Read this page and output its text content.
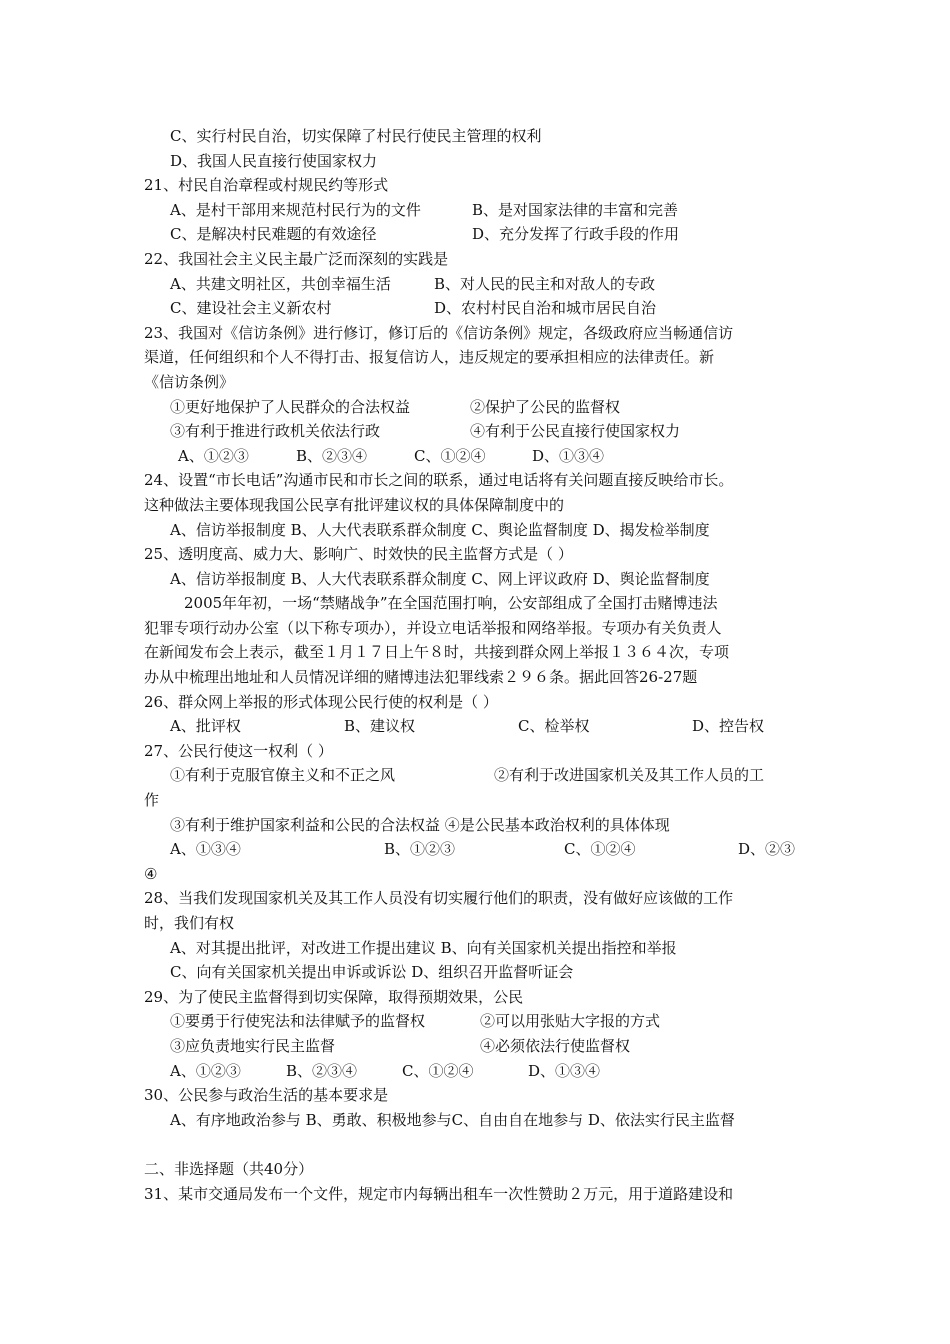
C、实行村民自治，切实保障了村民行使民主管理的权利
D、我国人民直接行使国家权力
21、村民自治章程或村规民约等形式
A、是村干部用来规范村民行为的文件	B、是对国家法律的丰富和完善
C、是解决村民难题的有效途径	D、充分发挥了行政手段的作用
22、我国社会主义民主最广泛而深刻的实践是
A、共建文明社区，共创幸福生活	B、对人民的民主和对敌人的专政
C、建设社会主义新农村	D、农村村民自治和城市居民自治
23、我国对《信访条例》进行修订，修订后的《信访条例》规定，各级政府应当畅通信访
渠道，任何组织和个人不得打击、报复信访人，违反规定的要承担相应的法律责任。新
《信访条例》
①更好地保护了人民群众的合法权益	②保护了公民的监督权
③有利于推进行政机关依法行政	④有利于公民直接行使国家权力
A、①②③	B、②③④	C、①②④	D、①③④
24、设置“市长电话”沟通市民和市长之间的联系，通过电话将有关问题直接反映给市长。
这种做法主要体现我国公民享有批评建议权的具体保障制度中的
A、信访举报制度 B、人大代表联系群众制度 C、舆论监督制度 D、揭发检举制度
25、透明度高、威力大、影响广、时效快的民主监督方式是（ ）
A、信访举报制度 B、人大代表联系群众制度 C、网上评议政府 D、舆论监督制度
2005年年初，一场“禁赌战争”在全国范围打响，公安部组成了全国打击赌博违法
犯罪专项行动办公室（以下称专项办），并设立电话举报和网络举报。专项办有关负责人
在新闻发布会上表示，截至１月１７日上午８时，共接到群众网上举报１３６４次，专项
办从中梳理出地址和人员情况详细的赌博违法犯罪线索２９６条。据此回答26-27题
26、群众网上举报的形式体现公民行使的权利是（ ）
A、批评权	B、建议权	C、检举权	D、控告权
27、公民行使这一权利（ ）
①有利于克服官僚主义和不正之风	②有利于改进国家机关及其工作人员的工
作
③有利于维护国家利益和公民的合法权益 ④是公民基本政治权利的具体体现
A、①③④	B、①②③	C、①②④	D、②③
④
28、当我们发现国家机关及其工作人员没有切实履行他们的职责，没有做好应该做的工作
时，我们有权
A、对其提出批评，对改进工作提出建议 B、向有关国家机关提出指控和举报
C、向有关国家机关提出申诉或诉讼 D、组织召开监督听证会
29、为了使民主监督得到切实保障，取得预期效果，公民
①要勇于行使宪法和法律赋予的监督权	②可以用张贴大字报的方式
③应负责地实行民主监督	④必须依法行使监督权
A、①②③	B、②③④	C、①②④	D、①③④
30、公民参与政治生活的基本要求是
A、有序地政治参与 B、勇敢、积极地参与C、自由自在地参与 D、依法实行民主监督
二、非选择题（共40分）
31、某市交通局发布一个文件，规定市内每辆出租车一次性赞助２万元，用于道路建设和
